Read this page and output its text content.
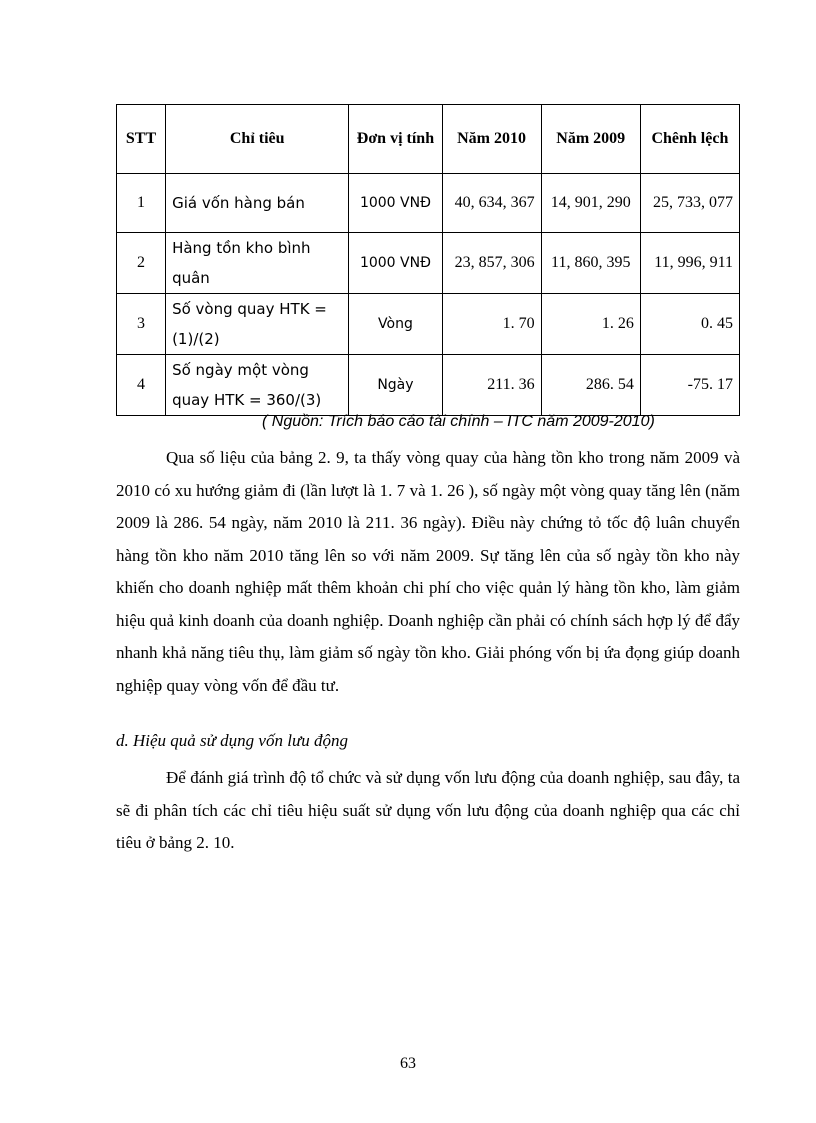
STT	Chỉ tiêu	Đơn vị tính	Năm 2010	Năm 2009	Chênh lệch
1	Giá vốn hàng bán	1000 VNĐ	40, 634, 367	14, 901, 290	25, 733, 077
2	Hàng tồn kho bình quân	1000 VNĐ	23, 857, 306	11, 860, 395	11, 996, 911
3	Số vòng quay HTK = (1)/(2)	Vòng	1. 70	1. 26	0. 45
4	Số ngày một vòng quay HTK = 360/(3)	Ngày	211. 36	286. 54	-75. 17
( Nguồn: Trích báo cáo tài chính – ITC năm 2009-2010)

Qua số liệu của bảng 2. 9, ta thấy vòng quay của hàng tồn kho trong năm 2009 và 2010 có xu hướng giảm đi (lần lượt là 1. 7 và 1. 26 ), số ngày một vòng quay tăng lên (năm 2009 là 286. 54 ngày, năm 2010 là 211. 36 ngày). Điều này chứng tỏ tốc độ luân chuyển hàng tồn kho năm 2010 tăng lên so với năm 2009. Sự tăng lên của số ngày tồn kho này khiến cho doanh nghiệp mất thêm khoản chi phí cho việc quản lý hàng tồn kho, làm giảm hiệu quả kinh doanh của doanh nghiệp. Doanh nghiệp cần phải có chính sách hợp lý để đẩy nhanh khả năng tiêu thụ, làm giảm số ngày tồn kho. Giải phóng vốn bị ứa đọng giúp doanh nghiệp quay vòng vốn để đầu tư.

d. Hiệu quả sử dụng vốn lưu động

Để đánh giá trình độ tổ chức và sử dụng vốn lưu động của doanh nghiệp, sau đây, ta sẽ đi phân tích các chỉ tiêu hiệu suất sử dụng vốn lưu động của doanh nghiệp qua các chỉ tiêu ở bảng 2. 10.

63
